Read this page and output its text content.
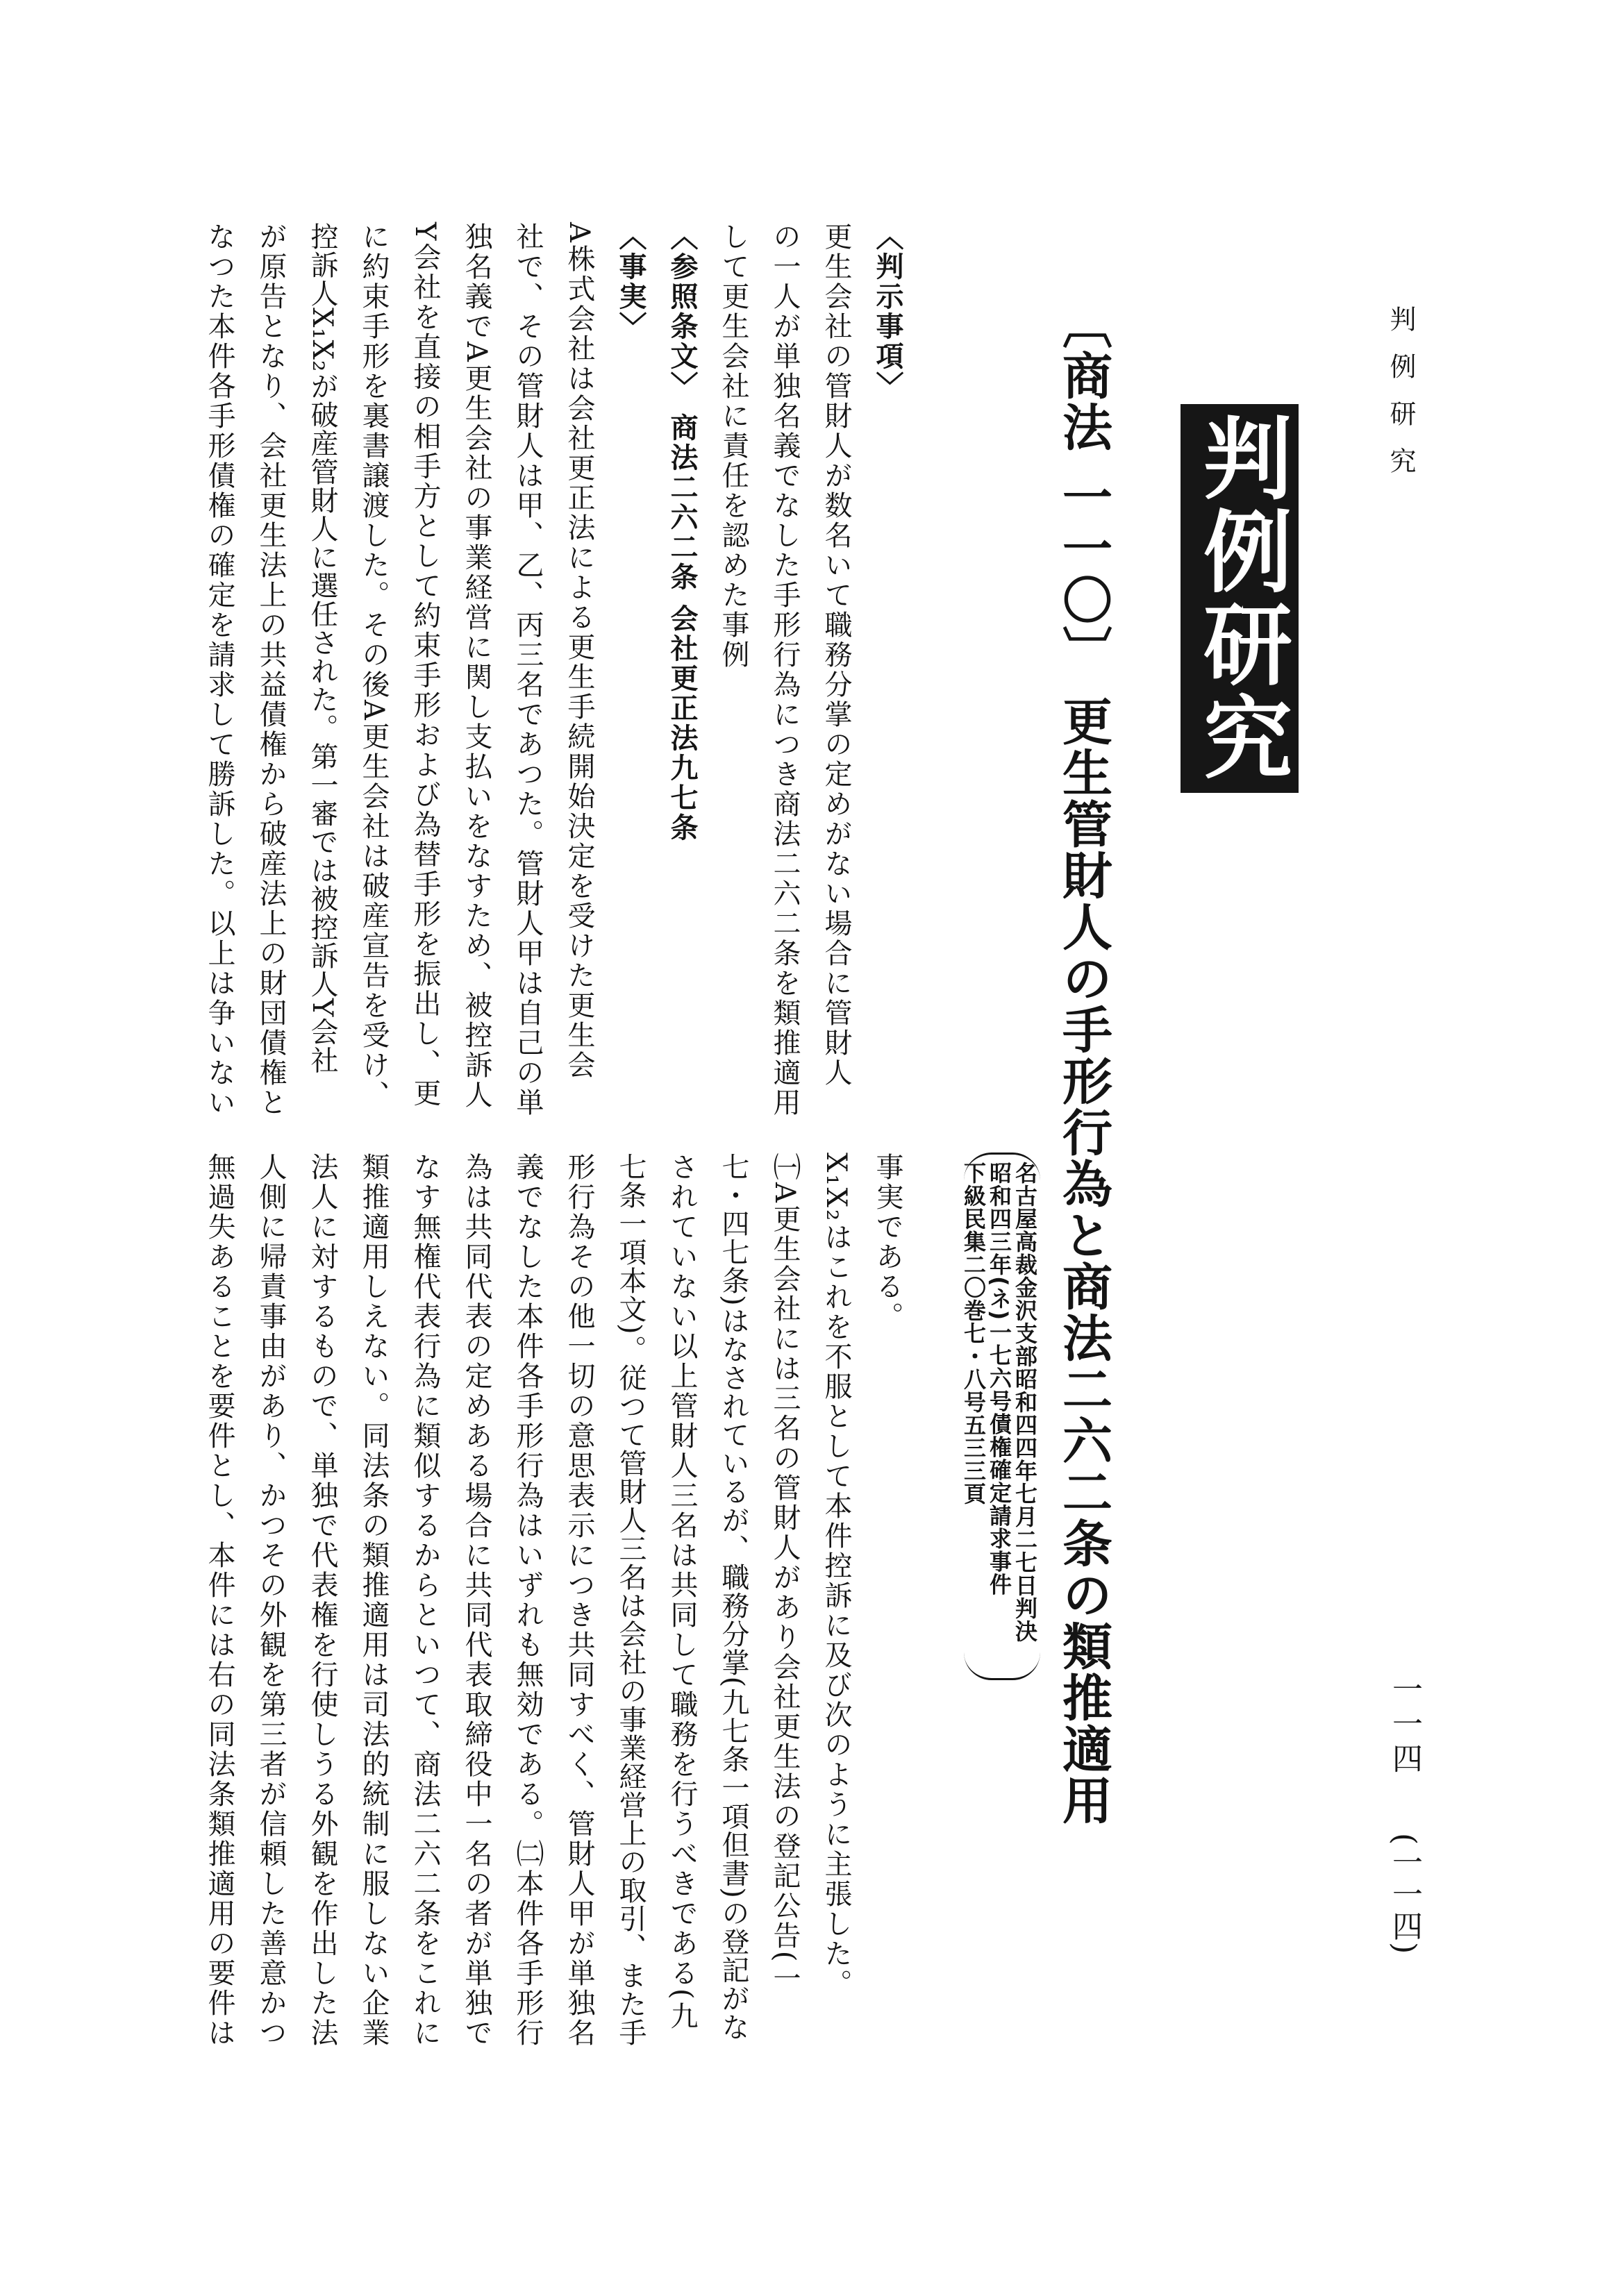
判例研究
一一四
(一一四)
判例研究
〔商法 一一〇〕 更生管財人の手形行為と商法二六二条の類推適用
名古屋高裁金沢支部昭和四四年七月二七日判決
昭和四三年(ネ)一七六号債権確定請求事件
下級民集二〇巻七・八号五三三頁
〈判示事項〉
更生会社の管財人が数名いて職務分掌の定めがない場合に管財人
の一人が単独名義でなした手形行為につき商法二六二条を類推適用
して更生会社に責任を認めた事例
〈参照条文〉 商法二六二条 会社更正法九七条
〈事実〉
A株式会社は会社更正法による更生手続開始決定を受けた更生会
社で、その管財人は甲、乙、丙三名であつた。管財人甲は自己の単
独名義でA更生会社の事業経営に関し支払いをなすため、被控訴人
Y会社を直接の相手方として約束手形および為替手形を振出し、更
に約束手形を裏書譲渡した。その後A更生会社は破産宣告を受け、
控訴人X₁X₂が破産管財人に選任された。第一審では被控訴人Y会社
が原告となり、会社更生法上の共益債権から破産法上の財団債権と
なつた本件各手形債権の確定を請求して勝訴した。以上は争いない
事実である。
X₁X₂はこれを不服として本件控訴に及び次のように主張した。
㈠A更生会社には三名の管財人があり会社更生法の登記公告(一
七・四七条)はなされているが、職務分掌(九七条一項但書)の登記がな
されていない以上管財人三名は共同して職務を行うべきである(九
七条一項本文)。従つて管財人三名は会社の事業経営上の取引、また手
形行為その他一切の意思表示につき共同すべく、管財人甲が単独名
義でなした本件各手形行為はいずれも無効である。㈡本件各手形行
為は共同代表の定めある場合に共同代表取締役中一名の者が単独で
なす無権代表行為に類似するからといつて、商法二六二条をこれに
類推適用しえない。同法条の類推適用は司法的統制に服しない企業
法人に対するもので、単独で代表権を行使しうる外観を作出した法
人側に帰責事由があり、かつその外観を第三者が信頼した善意かつ
無過失あることを要件とし、本件には右の同法条類推適用の要件は
